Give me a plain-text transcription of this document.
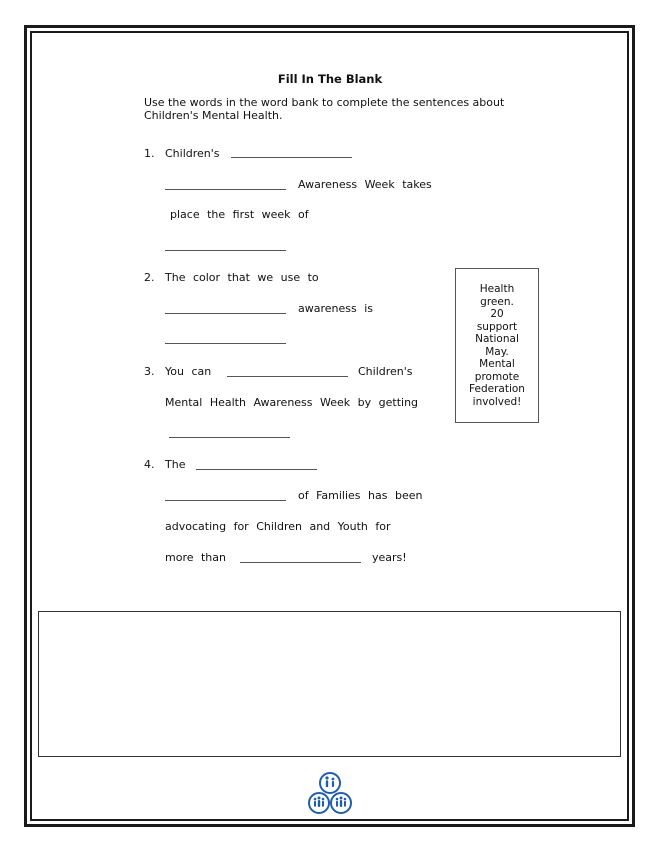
Fill In The Blank
Use the words in the word bank to complete the sentences about
Children's Mental Health.
1. Children's
Awareness Week takes
place the first week of
2. The color that we use to
awareness is
3. You can	Children's
Mental Health Awareness Week by getting
4. The
of Families has been
advocating for Children and Youth for
more than	years!
Health
green.
20
support
National
May.
Mental
promote
Federation
involved!
